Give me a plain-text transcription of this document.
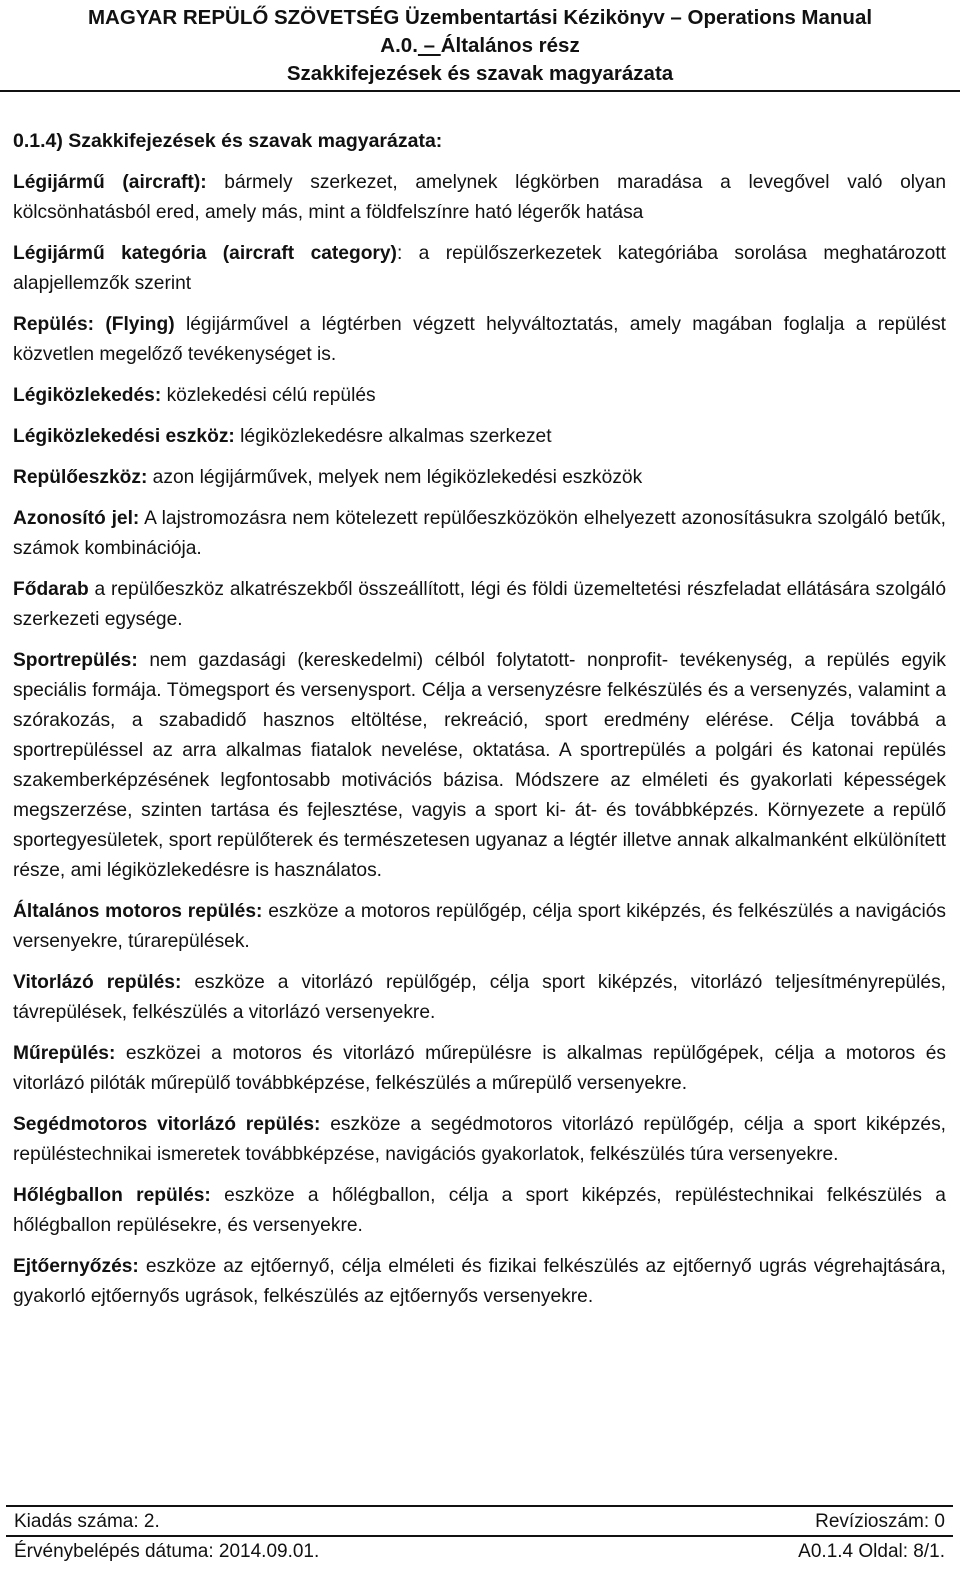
MAGYAR REPÜLŐ SZÖVETSÉG Üzembentartási Kézikönyv – Operations Manual
A.0. – Általános rész
Szakkifejezések és szavak magyarázata

0.1.4) Szakkifejezések és szavak magyarázata:

Légijármű (aircraft): bármely szerkezet, amelynek légkörben maradása a levegővel való olyan kölcsönhatásból ered, amely más, mint a földfelszínre ható légerők hatása

Légijármű kategória (aircraft category): a repülőszerkezetek kategóriába sorolása meghatározott alapjellemzők szerint

Repülés: (Flying) légijárművel a légtérben végzett helyváltoztatás, amely magában foglalja a repülést közvetlen megelőző tevékenységet is.

Légiközlekedés: közlekedési célú repülés

Légiközlekedési eszköz: légiközlekedésre alkalmas szerkezet

Repülőeszköz: azon légijárművek, melyek nem légiközlekedési eszközök

Azonosító jel: A lajstromozásra nem kötelezett repülőeszközökön elhelyezett azonosításukra szolgáló betűk, számok kombinációja.

Fődarab a repülőeszköz alkatrészekből összeállított, légi és földi üzemeltetési részfeladat ellátására szolgáló szerkezeti egysége.

Sportrepülés: nem gazdasági (kereskedelmi) célból folytatott- nonprofit- tevékenység, a repülés egyik speciális formája. Tömegsport és versenysport. Célja a versenyzésre felkészülés és a versenyzés, valamint a szórakozás, a szabadidő hasznos eltöltése, rekreáció, sport eredmény elérése. Célja továbbá a sportrepüléssel az arra alkalmas fiatalok nevelése, oktatása. A sportrepülés a polgári és katonai repülés szakemberképzésének legfontosabb motivációs bázisa. Módszere az elméleti és gyakorlati képességek megszerzése, szinten tartása és fejlesztése, vagyis a sport ki- át- és továbbképzés. Környezete a repülő sportegyesületek, sport repülőterek és természetesen ugyanaz a légtér illetve annak alkalmanként elkülönített része, ami légiközlekedésre is használatos.

Általános motoros repülés: eszköze a motoros repülőgép, célja sport kiképzés, és felkészülés a navigációs versenyekre, túrarepülések.

Vitorlázó repülés: eszköze a vitorlázó repülőgép, célja sport kiképzés, vitorlázó teljesítményrepülés, távrepülések, felkészülés a vitorlázó versenyekre.

Műrepülés: eszközei a motoros és vitorlázó műrepülésre is alkalmas repülőgépek, célja a motoros és vitorlázó pilóták műrepülő továbbképzése, felkészülés a műrepülő versenyekre.

Segédmotoros vitorlázó repülés: eszköze a segédmotoros vitorlázó repülőgép, célja a sport kiképzés, repüléstechnikai ismeretek továbbképzése, navigációs gyakorlatok, felkészülés túra versenyekre.

Hőlégballon repülés: eszköze a hőlégballon, célja a sport kiképzés, repüléstechnikai felkészülés a hőlégballon repülésekre, és versenyekre.

Ejtőernyőzés: eszköze az ejtőernyő, célja elméleti és fizikai felkészülés az ejtőernyő ugrás végrehajtására, gyakorló ejtőernyős ugrások, felkészülés az ejtőernyős versenyekre.

Kiadás száma: 2.	Revízioszám: 0
Érvénybelépés dátuma: 2014.09.01.	A0.1.4 Oldal: 8/1.
